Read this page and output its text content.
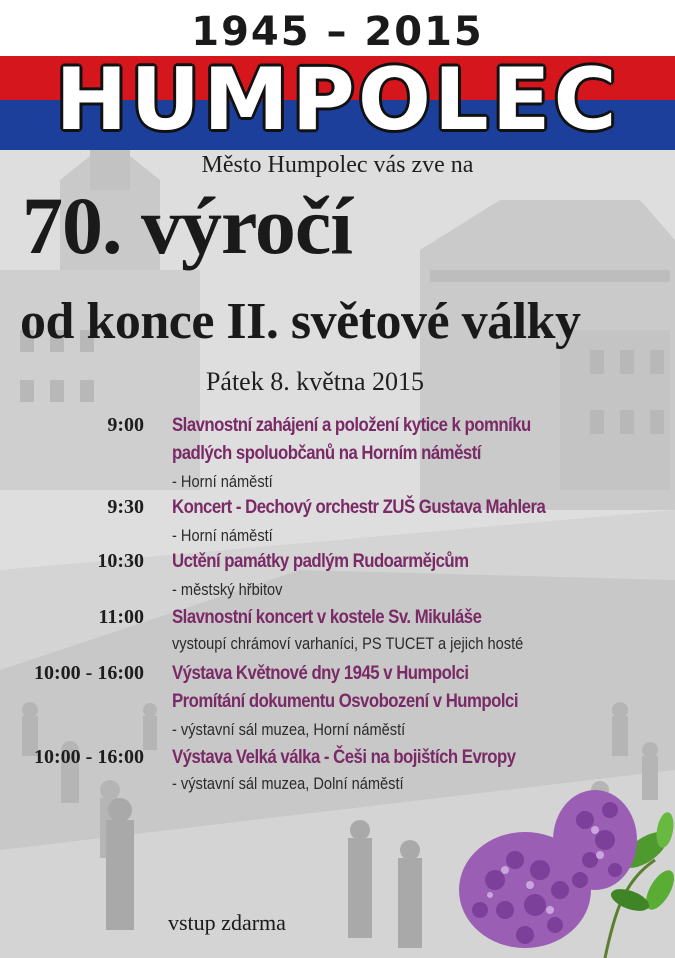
1945 – 2015
HUMPOLEC
Město Humpolec vás zve na
70. výročí
od konce II. světové války
Pátek 8. května 2015
9:00 Slavnostní zahájení a položení kytice k pomníku
padlých spoluobčanů na Horním náměstí
- Horní náměstí
9:30 Koncert - Dechový orchestr ZUŠ Gustava Mahlera
- Horní náměstí
10:30 Uctění památky padlým Rudoarmějcům
- městský hřbitov
11:00 Slavnostní koncert v kostele Sv. Mikuláše
vystoupí chrámoví varhaníci, PS TUCET a jejich hosté
10:00 - 16:00 Výstava Květnové dny 1945 v Humpolci
Promítání dokumentu Osvobození v Humpolci
- výstavní sál muzea, Horní náměstí
10:00 - 16:00 Výstava Velká válka - Češi na bojištích Evropy
- výstavní sál muzea, Dolní náměstí
vstup zdarma
